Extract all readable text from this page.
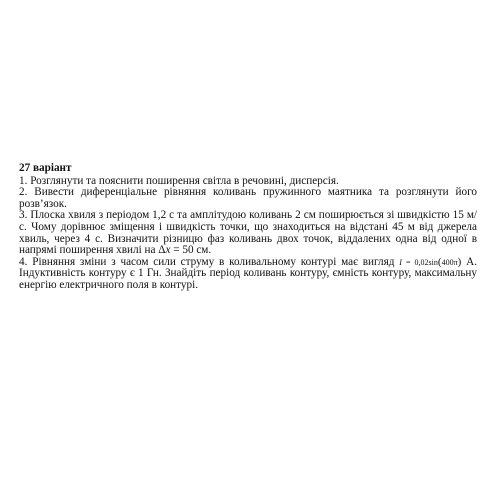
27 варіант

1. Розглянути та пояснити поширення світла в речовині, дисперсія.

2. Вивести диференціальне рівняння коливань пружинного маятника та розглянути його розв’язок.

3. Плоска хвиля з періодом 1,2 с та амплітудою коливань 2 см поширюється зі швидкістю 15 м/с. Чому дорівнює зміщення і швидкість точки, що знаходиться на відстані 45 м від джерела хвиль, через 4 с. Визначити різницю фаз коливань двох точок, віддалених одна від одної в напрямі поширення хвилі на Δx = 50 см.

4. Рівняння зміни з часом сили струму в коливальному контурі має вигляд I = 0,02sin(400π) А. Індуктивність контуру є 1 Гн. Знайдіть період коливань контуру, ємність контуру, максимальну енергію електричного поля в контурі.
